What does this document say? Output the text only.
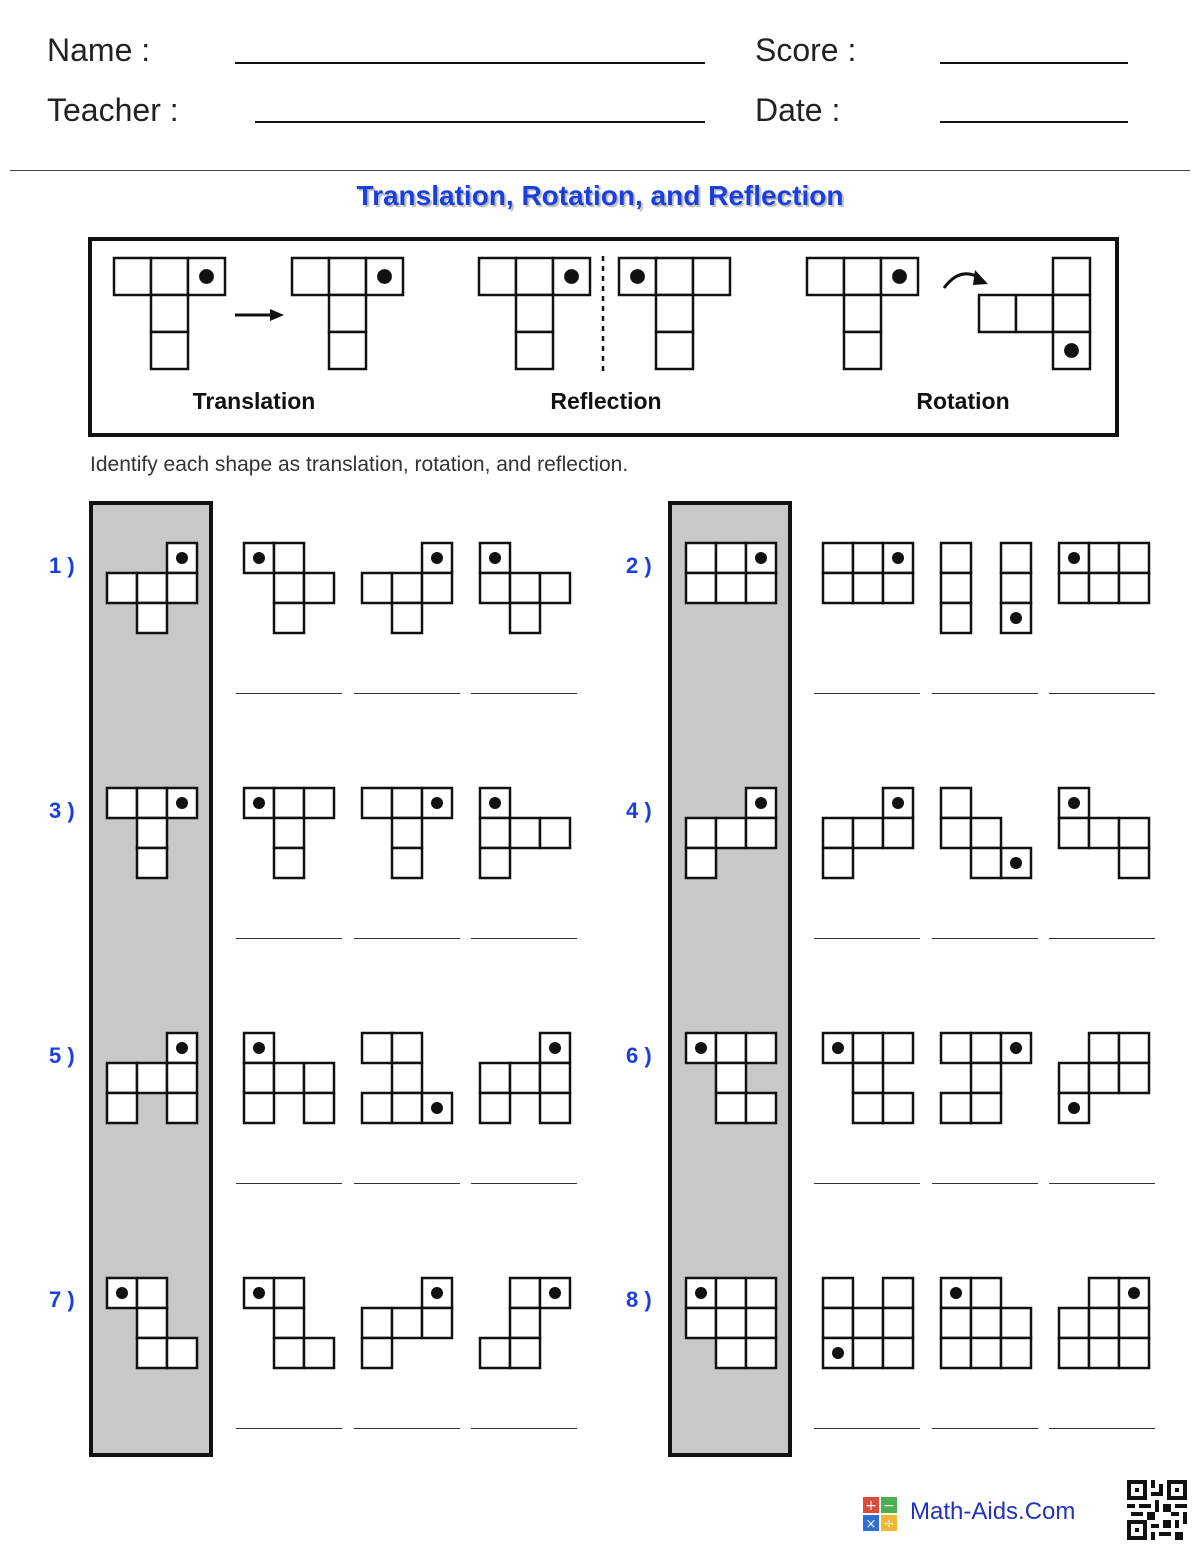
Name :
Teacher :
Score :
Date :
Translation, Rotation, and Reflection
Translation	Reflection	Rotation
Identify each shape as translation, rotation, and reflection.
1 )	2 )
3 )	4 )
5 )	6 )
7 )	8 )
+ −
× ÷ Math-Aids.Com
